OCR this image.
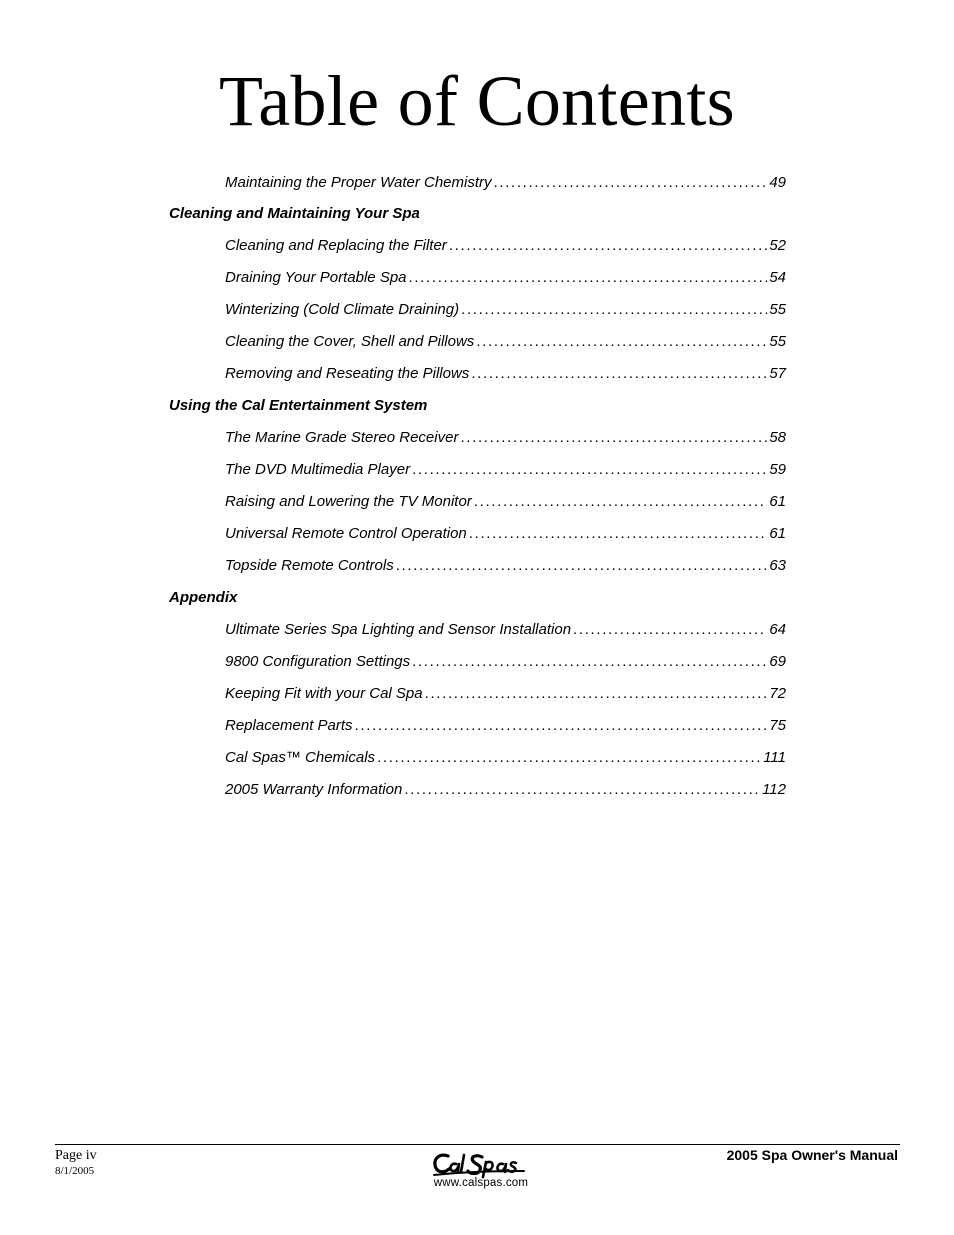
Table of Contents
Maintaining the Proper Water Chemistry . . .	49
Cleaning and Maintaining Your Spa
Cleaning and Replacing the Filter . . .	52
Draining Your Portable Spa . . .	54
Winterizing (Cold Climate Draining) . . .	55
Cleaning the Cover, Shell and Pillows . . .	55
Removing and Reseating the Pillows . . .	57
Using the Cal Entertainment System
The Marine Grade Stereo Receiver . . .	58
The DVD Multimedia Player . . .	59
Raising and Lowering the TV Monitor . . .	61
Universal Remote Control Operation . . .	61
Topside Remote Controls . . .	63
Appendix
Ultimate Series Spa Lighting and Sensor Installation . . .	64
9800 Configuration Settings . . .	69
Keeping Fit with your Cal Spa . . .	72
Replacement Parts . . .	75
Cal Spas™ Chemicals . . .	111
2005 Warranty Information . . .	112
Page iv
8/1/2005
www.calspas.com
2005 Spa Owner's Manual
